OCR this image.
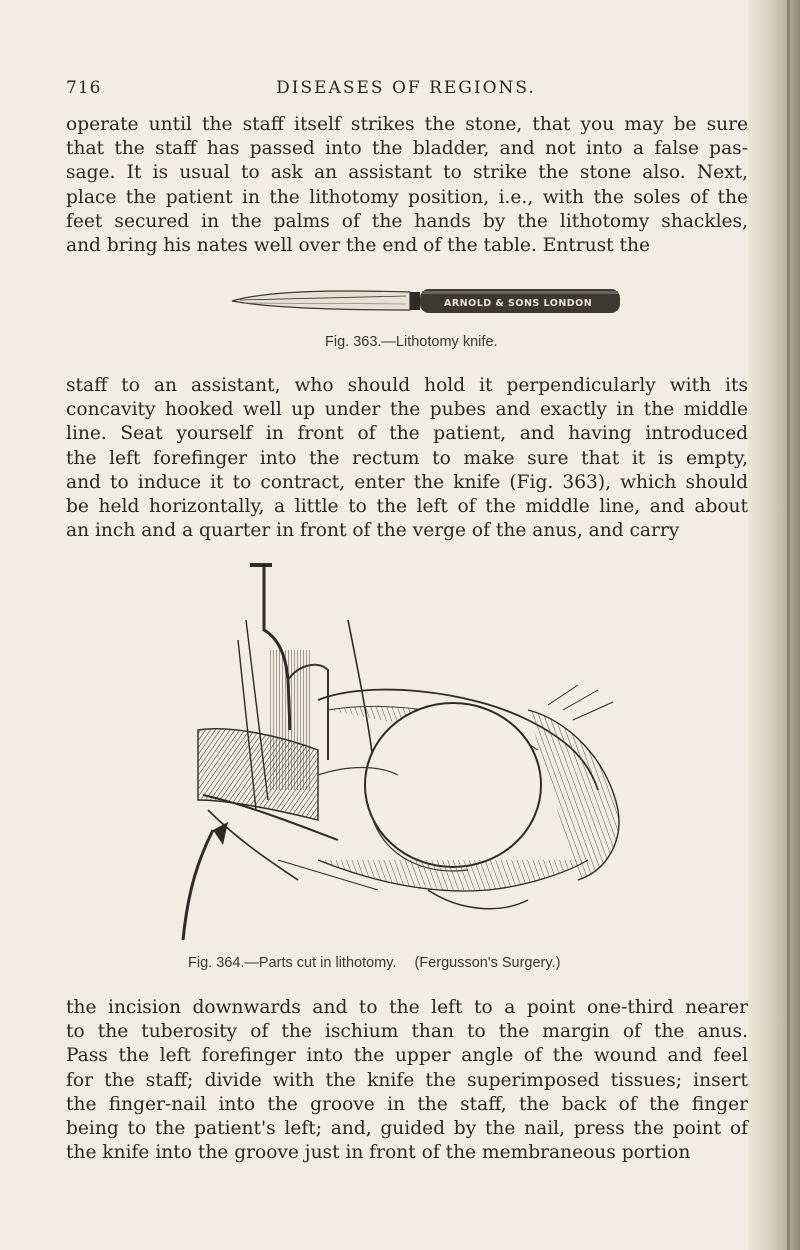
716	DISEASES OF REGIONS.

operate until the staff itself strikes the stone, that you may be sure
that the staff has passed into the bladder, and not into a false pas-
sage. It is usual to ask an assistant to strike the stone also. Next,
place the patient in the lithotomy position, i.e., with the soles of the
feet secured in the palms of the hands by the lithotomy shackles,
and bring his nates well over the end of the table. Entrust the

ARNOLD & SONS LONDON
Fig. 363.—Lithotomy knife.

staff to an assistant, who should hold it perpendicularly with its
concavity hooked well up under the pubes and exactly in the middle
line. Seat yourself in front of the patient, and having introduced
the left forefinger into the rectum to make sure that it is empty,
and to induce it to contract, enter the knife (Fig. 363), which should
be held horizontally, a little to the left of the middle line, and about
an inch and a quarter in front of the verge of the anus, and carry

Fig. 364.—Parts cut in lithotomy. (Fergusson's Surgery.)

the incision downwards and to the left to a point one-third nearer
to the tuberosity of the ischium than to the margin of the anus.
Pass the left forefinger into the upper angle of the wound and feel
for the staff; divide with the knife the superimposed tissues; insert
the finger-nail into the groove in the staff, the back of the finger
being to the patient's left; and, guided by the nail, press the point of
the knife into the groove just in front of the membraneous portion
